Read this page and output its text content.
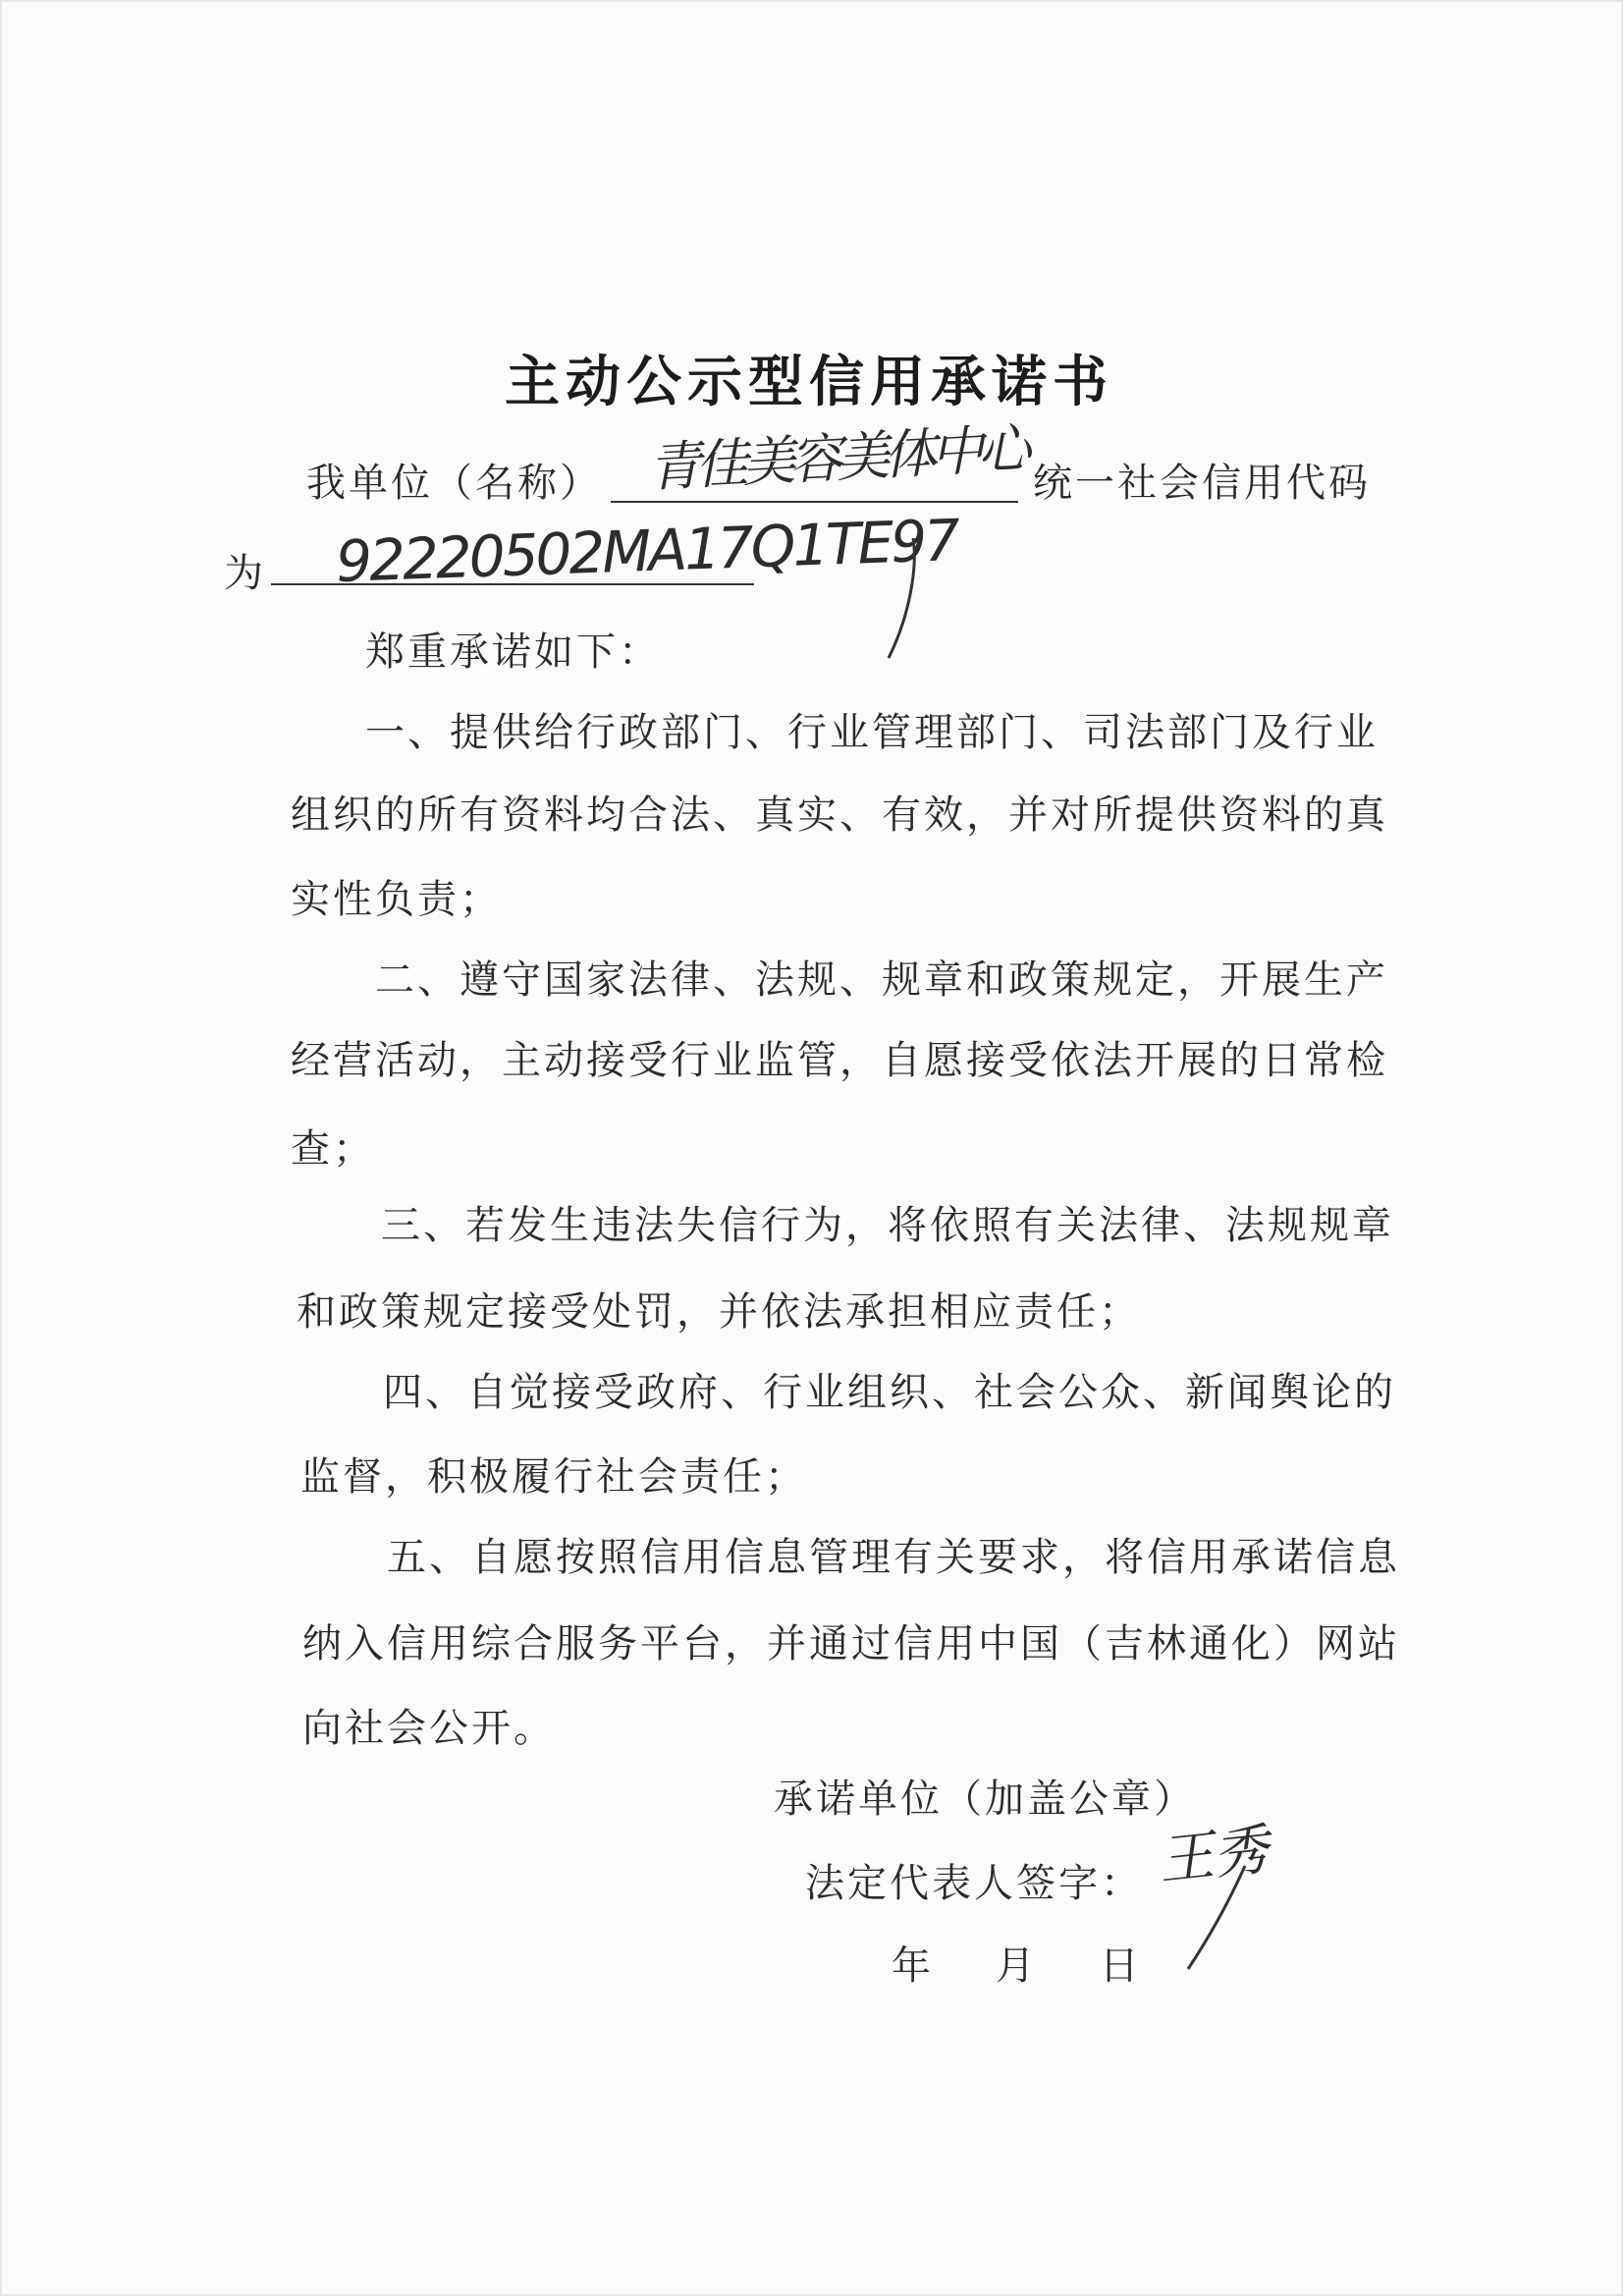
主动公示型信用承诺书
我单位（名称） 青佳美容美体中心 统一社会信用代码
为 92220502MA17Q1TE97
郑重承诺如下：
一、提供给行政部门、行业管理部门、司法部门及行业
组织的所有资料均合法、真实、有效，并对所提供资料的真
实性负责；
二、遵守国家法律、法规、规章和政策规定，开展生产
经营活动，主动接受行业监管，自愿接受依法开展的日常检
查；
三、若发生违法失信行为，将依照有关法律、法规规章
和政策规定接受处罚，并依法承担相应责任；
四、自觉接受政府、行业组织、社会公众、新闻舆论的
监督，积极履行社会责任；
五、自愿按照信用信息管理有关要求，将信用承诺信息
纳入信用综合服务平台，并通过信用中国（吉林通化）网站
向社会公开。
承诺单位（加盖公章）
法定代表人签字： 王秀
年    月    日
